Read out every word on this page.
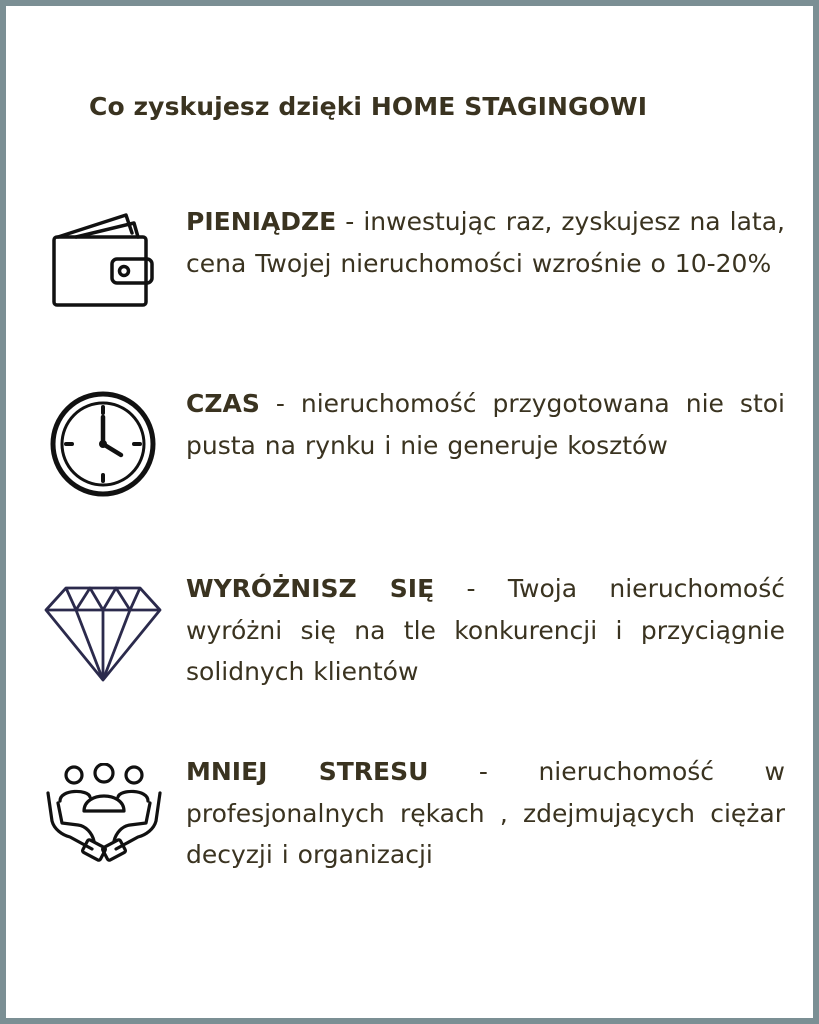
Co zyskujesz dzięki HOME STAGINGOWI
PIENIĄDZE - inwestując raz, zyskujesz na lata, cena Twojej nieruchomości wzrośnie o 10-20%
CZAS - nieruchomość przygotowana nie stoi pusta na rynku i nie generuje kosztów
WYRÓŻNISZ SIĘ - Twoja nieruchomość wyróżni się na tle konkurencji i przyciągnie solidnych klientów
MNIEJ STRESU - nieruchomość w profesjonalnych rękach , zdejmujących ciężar decyzji i organizacji
